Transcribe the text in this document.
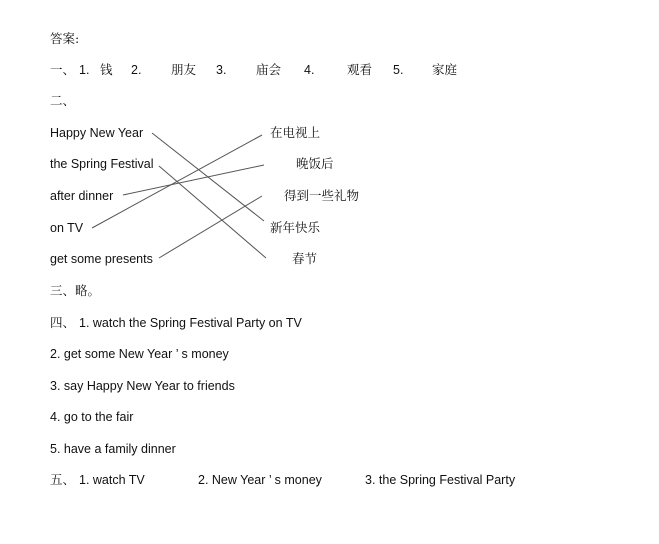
答案:
一、 1. 钱 2. 朋友 3. 庙会 4.	观看 5. 家庭
二、
Happy New Year
the Spring Festival
after dinner
on TV
get some presents
在电视上
晚饭后
得到一些礼物
新年快乐
春节
三、略。
四、 1. watch the Spring Festival Party on TV
2. get some New Year ’ s money
3. say Happy New Year to friends
4. go to the fair
5. have a family dinner
五、 1. watch TV	2. New Year ’ s money	3. the Spring Festival Party
